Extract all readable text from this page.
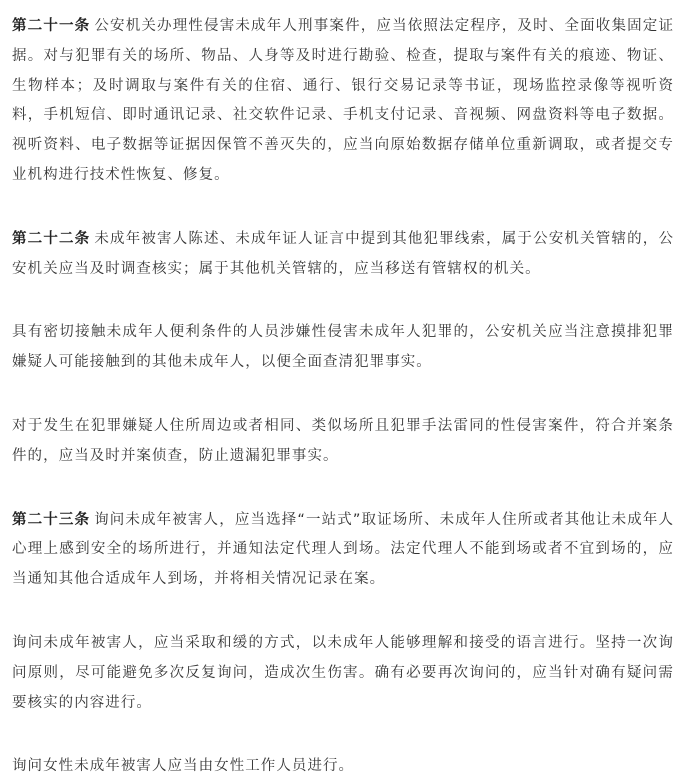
第二十一条 公安机关办理性侵害未成年人刑事案件，应当依照法定程序，及时、全面收集固定证据。对与犯罪有关的场所、物品、人身等及时进行勘验、检查，提取与案件有关的痕迹、物证、生物样本；及时调取与案件有关的住宿、通行、银行交易记录等书证，现场监控录像等视听资料，手机短信、即时通讯记录、社交软件记录、手机支付记录、音视频、网盘资料等电子数据。视听资料、电子数据等证据因保管不善灭失的，应当向原始数据存储单位重新调取，或者提交专业机构进行技术性恢复、修复。

第二十二条 未成年被害人陈述、未成年证人证言中提到其他犯罪线索，属于公安机关管辖的，公安机关应当及时调查核实；属于其他机关管辖的，应当移送有管辖权的机关。

具有密切接触未成年人便利条件的人员涉嫌性侵害未成年人犯罪的，公安机关应当注意摸排犯罪嫌疑人可能接触到的其他未成年人，以便全面查清犯罪事实。

对于发生在犯罪嫌疑人住所周边或者相同、类似场所且犯罪手法雷同的性侵害案件，符合并案条件的，应当及时并案侦查，防止遗漏犯罪事实。

第二十三条 询问未成年被害人，应当选择“一站式”取证场所、未成年人住所或者其他让未成年人心理上感到安全的场所进行，并通知法定代理人到场。法定代理人不能到场或者不宜到场的，应当通知其他合适成年人到场，并将相关情况记录在案。

询问未成年被害人，应当采取和缓的方式，以未成年人能够理解和接受的语言进行。坚持一次询问原则，尽可能避免多次反复询问，造成次生伤害。确有必要再次询问的，应当针对确有疑问需要核实的内容进行。

询问女性未成年被害人应当由女性工作人员进行。
